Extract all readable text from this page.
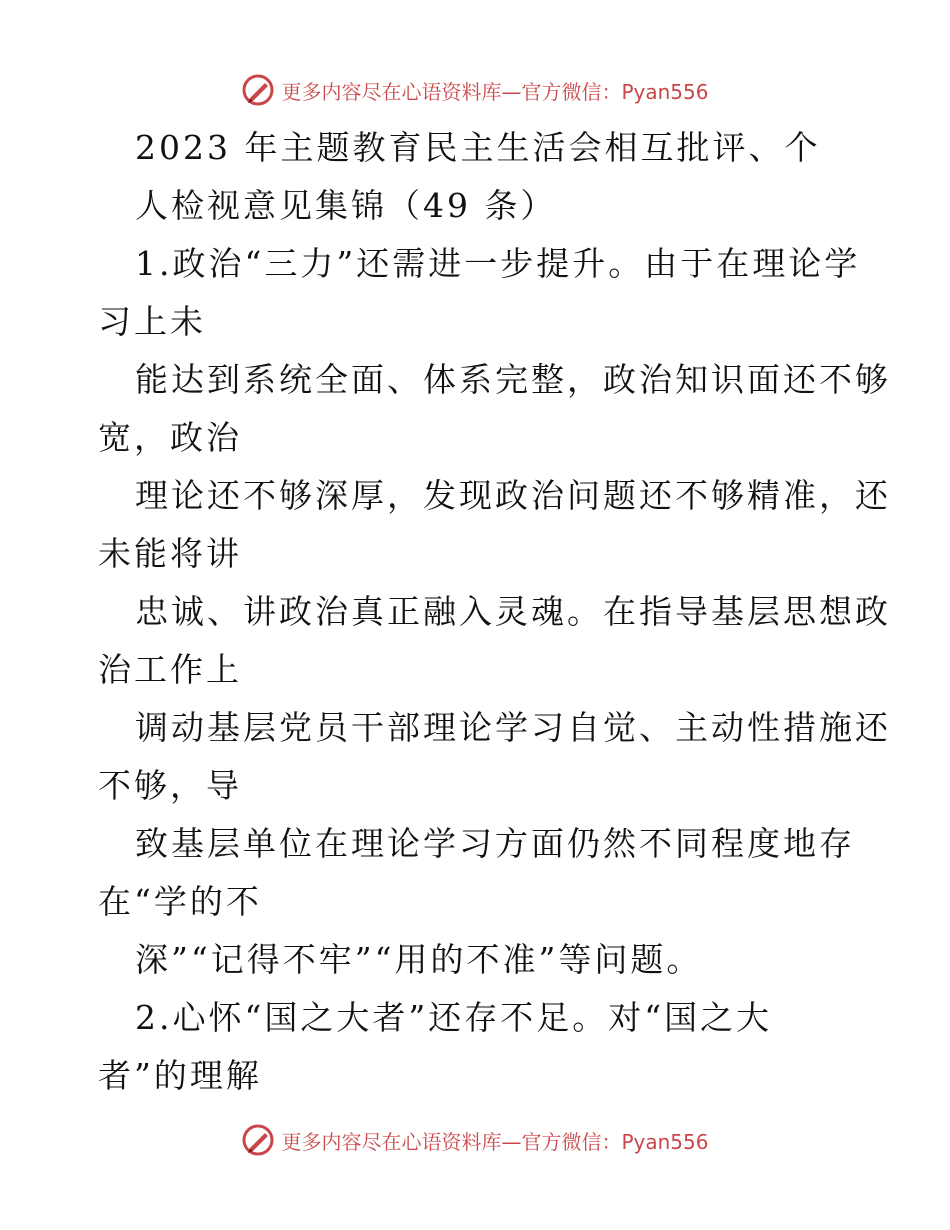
更多内容尽在心语资料库—官方微信：Pyan556
2023 年主题教育民主生活会相互批评、个
人检视意见集锦（49 条）
1.政治“三力”还需进一步提升。由于在理论学
习上未
能达到系统全面、体系完整，政治知识面还不够
宽，政治
理论还不够深厚，发现政治问题还不够精准，还
未能将讲
忠诚、讲政治真正融入灵魂。在指导基层思想政
治工作上
调动基层党员干部理论学习自觉、主动性措施还
不够，导
致基层单位在理论学习方面仍然不同程度地存
在“学的不
深”“记得不牢”“用的不准”等问题。
2.心怀“国之大者”还存不足。对“国之大
者”的理解
更多内容尽在心语资料库—官方微信：Pyan556
